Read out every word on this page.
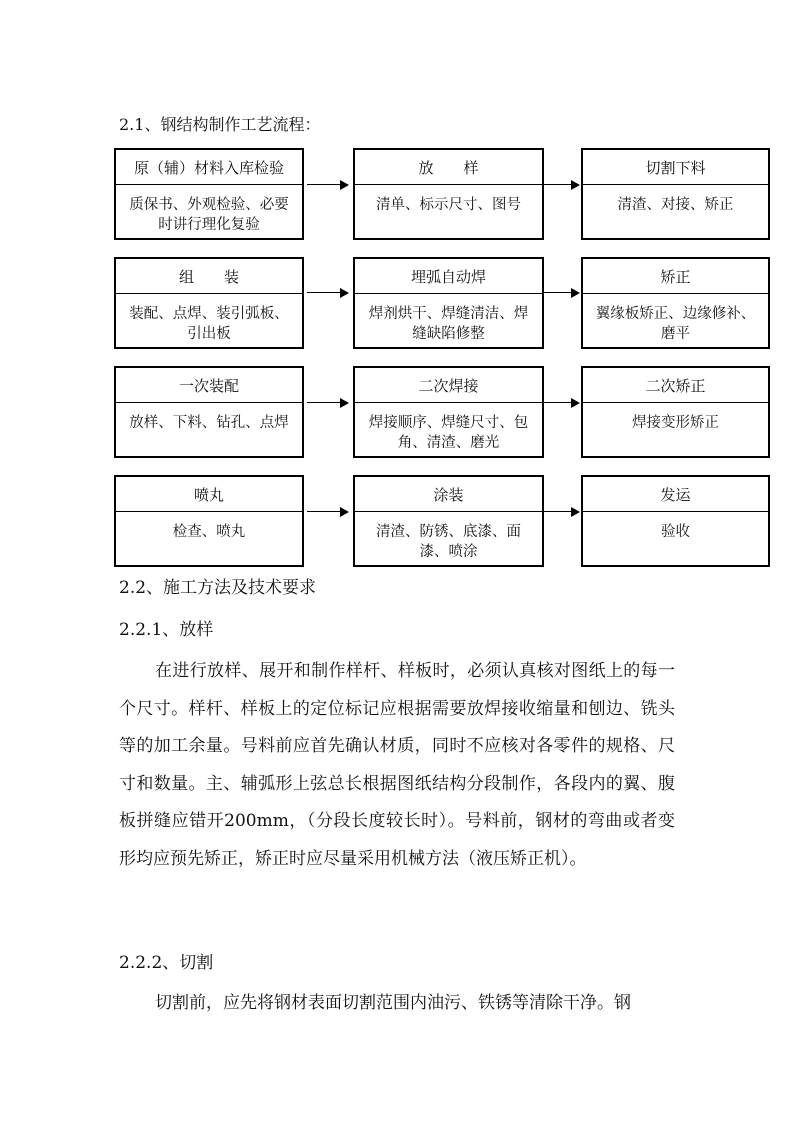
2.1、钢结构制作工艺流程：
原（辅）材料入库检验
质保书、外观检验、必要时讲行理化复验
放　　样
清单、标示尺寸、图号
切割下料
清渣、对接、矫正
组　　装
装配、点焊、装引弧板、引出板
埋弧自动焊
焊剂烘干、焊缝清洁、焊缝缺陷修整
矫正
翼缘板矫正、边缘修补、磨平
一次装配
放样、下料、钻孔、点焊
二次焊接
焊接顺序、焊缝尺寸、包角、清渣、磨光
二次矫正
焊接变形矫正
喷丸
检查、喷丸
涂装
清渣、防锈、底漆、面漆、喷涂
发运
验收
2.2、施工方法及技术要求
2.2.1、放样
在进行放样、展开和制作样杆、样板时，必须认真核对图纸上的每一个尺寸。样杆、样板上的定位标记应根据需要放焊接收缩量和刨边、铣头等的加工余量。号料前应首先确认材质，同时不应核对各零件的规格、尺寸和数量。主、辅弧形上弦总长根据图纸结构分段制作，各段内的翼、腹板拼缝应错开200mm，（分段长度较长时）。号料前，钢材的弯曲或者变形均应预先矫正，矫正时应尽量采用机械方法（液压矫正机）。
2.2.2、切割
切割前，应先将钢材表面切割范围内油污、铁锈等清除干净。钢
